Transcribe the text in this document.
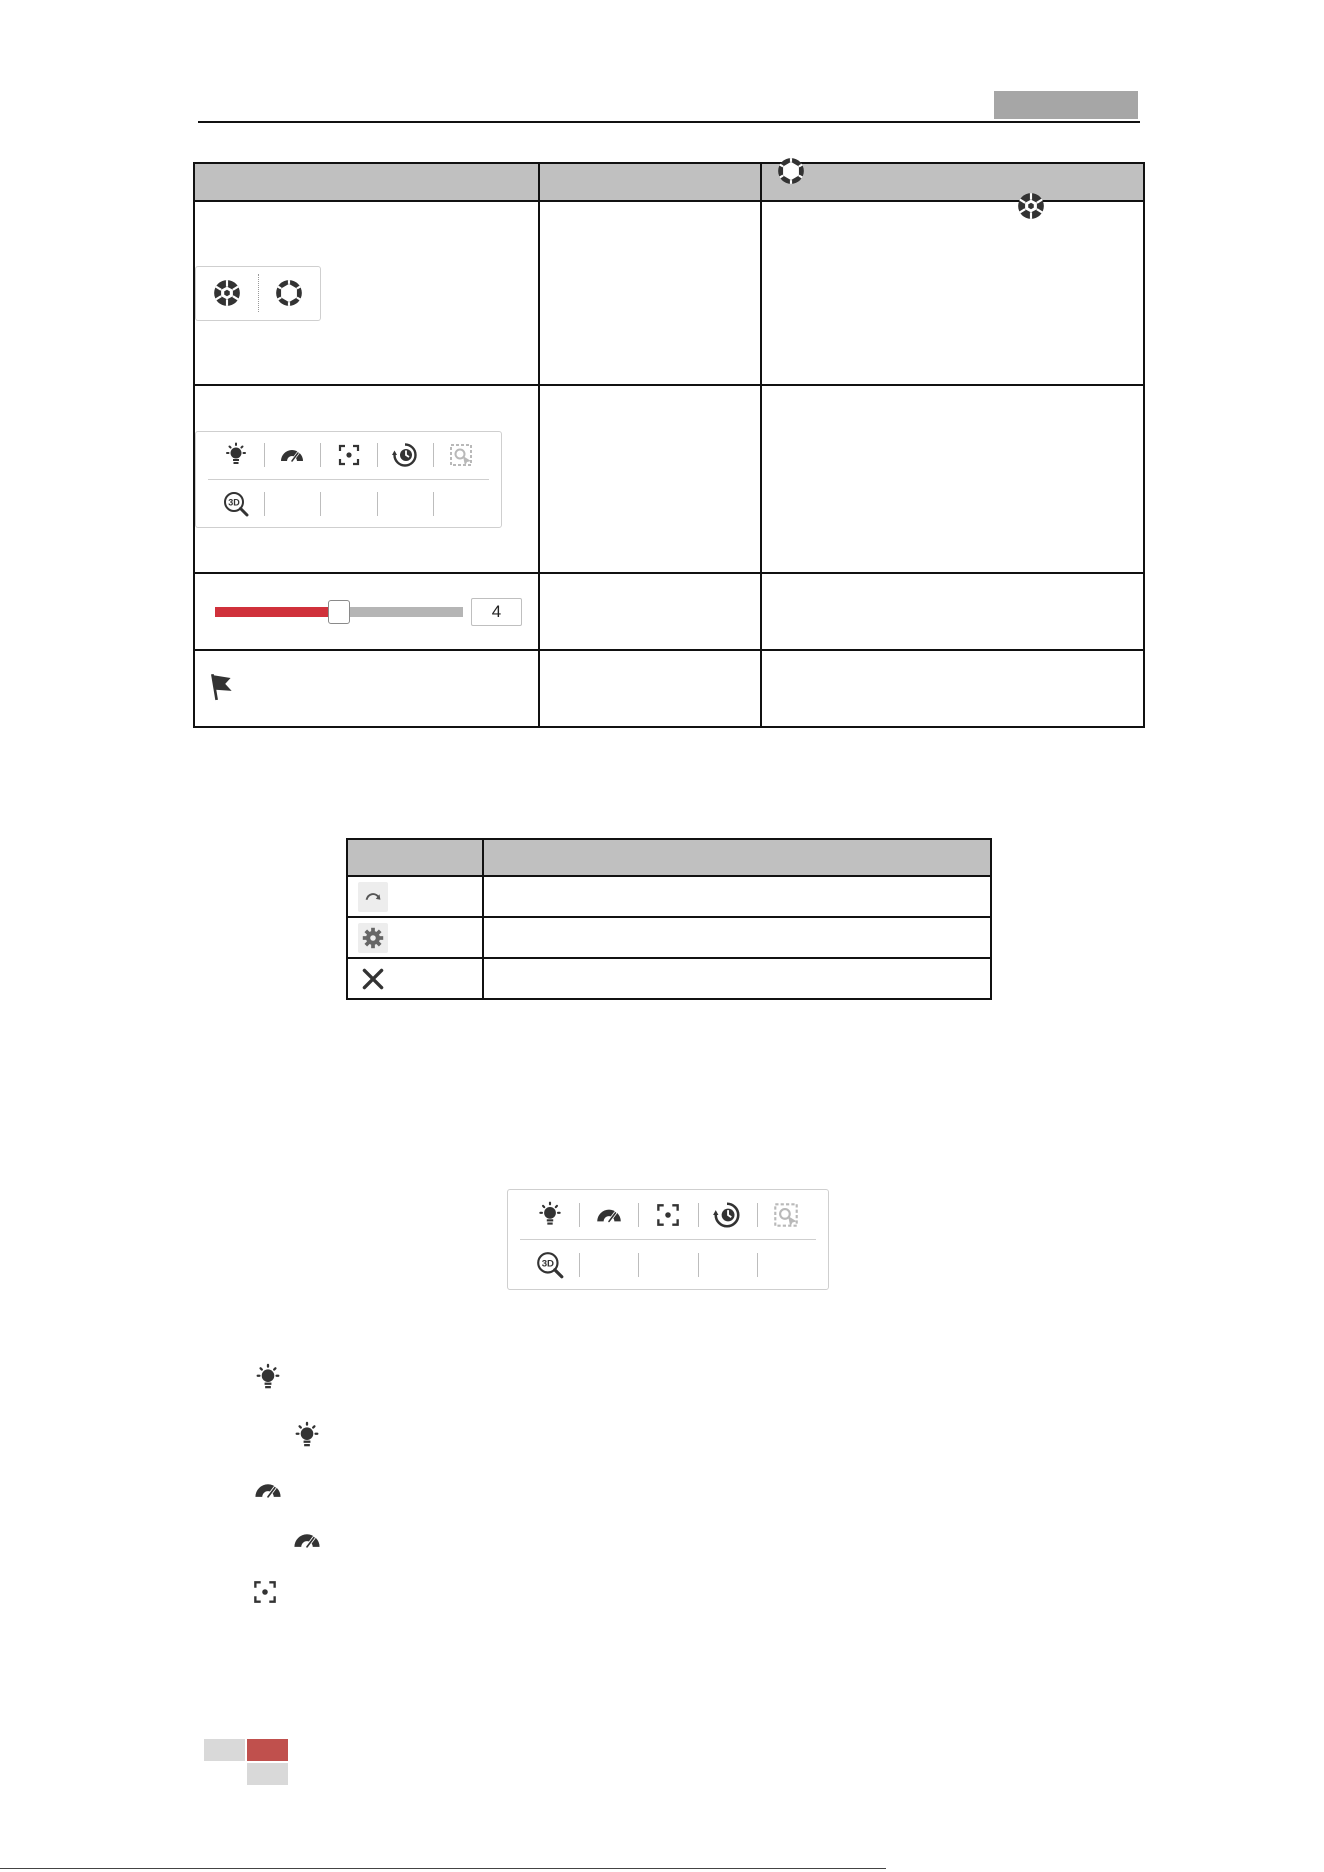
4		
